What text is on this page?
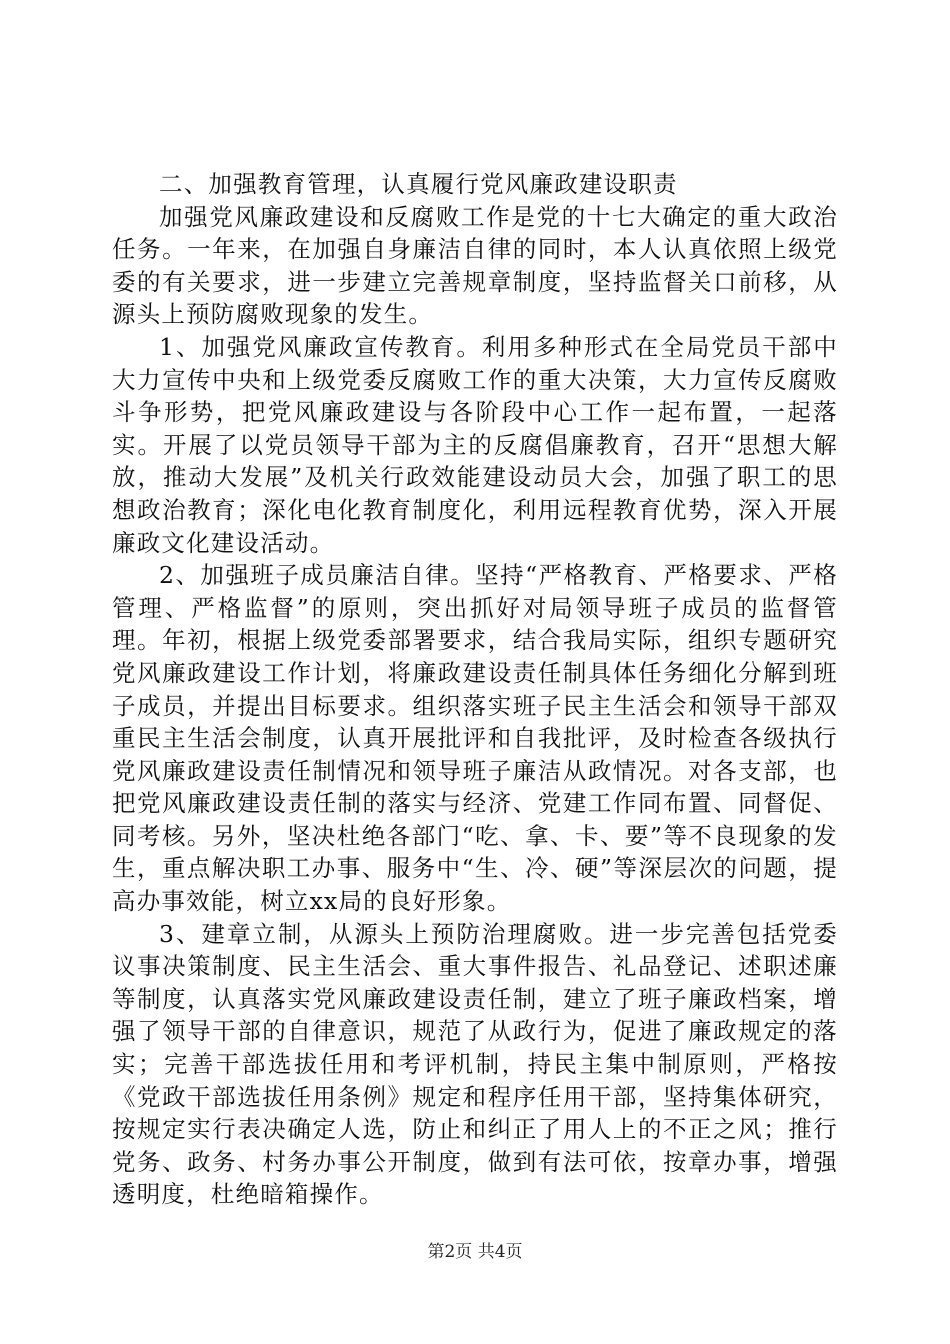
二、加强教育管理，认真履行党风廉政建设职责

加强党风廉政建设和反腐败工作是党的十七大确定的重大政治任务。一年来，在加强自身廉洁自律的同时，本人认真依照上级党委的有关要求，进一步建立完善规章制度，坚持监督关口前移，从源头上预防腐败现象的发生。

1、加强党风廉政宣传教育。利用多种形式在全局党员干部中大力宣传中央和上级党委反腐败工作的重大决策，大力宣传反腐败斗争形势，把党风廉政建设与各阶段中心工作一起布置，一起落实。开展了以党员领导干部为主的反腐倡廉教育，召开“思想大解放，推动大发展”及机关行政效能建设动员大会，加强了职工的思想政治教育；深化电化教育制度化，利用远程教育优势，深入开展廉政文化建设活动。

2、加强班子成员廉洁自律。坚持“严格教育、严格要求、严格管理、严格监督”的原则，突出抓好对局领导班子成员的监督管理。年初，根据上级党委部署要求，结合我局实际，组织专题研究党风廉政建设工作计划，将廉政建设责任制具体任务细化分解到班子成员，并提出目标要求。组织落实班子民主生活会和领导干部双重民主生活会制度，认真开展批评和自我批评，及时检查各级执行党风廉政建设责任制情况和领导班子廉洁从政情况。对各支部，也把党风廉政建设责任制的落实与经济、党建工作同布置、同督促、同考核。另外，坚决杜绝各部门“吃、拿、卡、要”等不良现象的发生，重点解决职工办事、服务中“生、冷、硬”等深层次的问题，提高办事效能，树立xx局的良好形象。

3、建章立制，从源头上预防治理腐败。进一步完善包括党委议事决策制度、民主生活会、重大事件报告、礼品登记、述职述廉等制度，认真落实党风廉政建设责任制，建立了班子廉政档案，增强了领导干部的自律意识，规范了从政行为，促进了廉政规定的落实；完善干部选拔任用和考评机制，持民主集中制原则，严格按《党政干部选拔任用条例》规定和程序任用干部，坚持集体研究，按规定实行表决确定人选，防止和纠正了用人上的不正之风；推行党务、政务、村务办事公开制度，做到有法可依，按章办事，增强透明度，杜绝暗箱操作。

第2页 共4页
